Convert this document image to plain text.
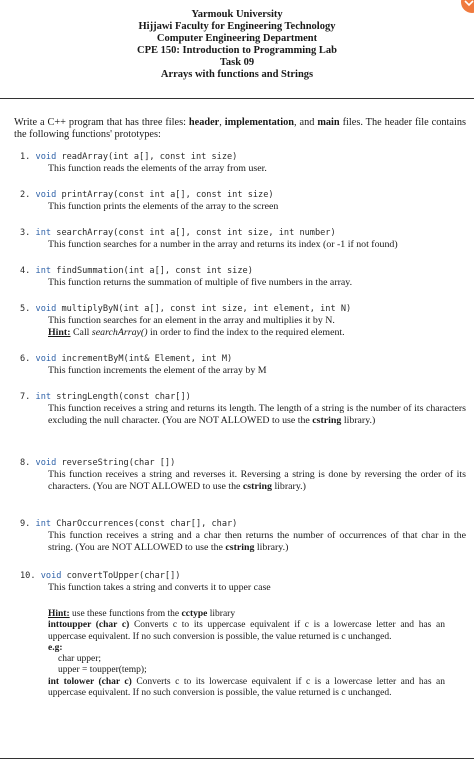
Yarmouk University
Hijjawi Faculty for Engineering Technology
Computer Engineering Department
CPE 150: Introduction to Programming Lab
Task 09
Arrays with functions and Strings
Write a C++ program that has three files: header, implementation, and main files. The header file contains the following functions' prototypes:
1. void readArray(int a[], const int size)
This function reads the elements of the array from user.
2. void printArray(const int a[], const int size)
This function prints the elements of the array to the screen
3. int searchArray(const int a[], const int size, int number)
This function searches for a number in the array and returns its index (or -1 if not found)
4. int findSummation(int a[], const int size)
This function returns the summation of multiple of five numbers in the array.
5. void multiplyByN(int a[], const int size, int element, int N)
This function searches for an element in the array and multiplies it by N.
Hint: Call searchArray() in order to find the index to the required element.
6. void incrementByM(int& Element, int M)
This function increments the element of the array by M
7. int stringLength(const char[])
This function receives a string and returns its length. The length of a string is the number of its characters excluding the null character. (You are NOT ALLOWED to use the cstring library.)
8. void reverseString(char [])
This function receives a string and reverses it. Reversing a string is done by reversing the order of its characters. (You are NOT ALLOWED to use the cstring library.)
9. int CharOccurrences(const char[], char)
This function receives a string and a char then returns the number of occurrences of that char in the string. (You are NOT ALLOWED to use the cstring library.)
10. void convertToUpper(char[])
This function takes a string and converts it to upper case
Hint: use these functions from the cctype library
inttoupper (char c) Converts c to its uppercase equivalent if c is a lowercase letter and has an uppercase equivalent. If no such conversion is possible, the value returned is c unchanged.
e.g:
char upper;
upper = toupper(temp);
int tolower (char c) Converts c to its lowercase equivalent if c is a lowercase letter and has an uppercase equivalent. If no such conversion is possible, the value returned is c unchanged.
